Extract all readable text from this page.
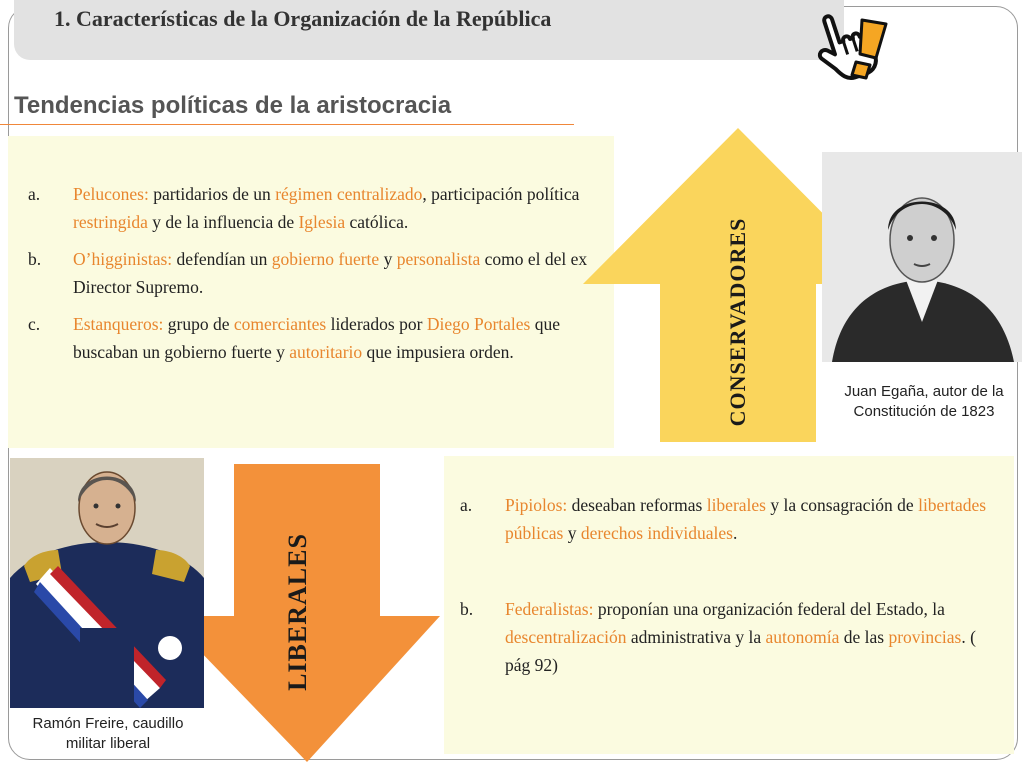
1. Características de la Organización de la República
Tendencias políticas de la aristocracia
a. Pelucones: partidarios de un régimen centralizado, participación política restringida y de la influencia de Iglesia católica.
b. O’higginistas: defendían un gobierno fuerte y personalista como el del ex Director Supremo.
c. Estanqueros: grupo de comerciantes liderados por Diego Portales que buscaban un gobierno fuerte y autoritario que impusiera orden.
a. Pipiolos: deseaban reformas liberales y la consagración de libertades públicas y derechos individuales.
b. Federalistas: proponían una organización federal del Estado, la descentralización administrativa y la autonomía de las provincias. ( pág 92)
CONSERVADORES
LIBERALES
Juan Egaña, autor de la
Constitución de 1823
Ramón Freire, caudillo
militar liberal
